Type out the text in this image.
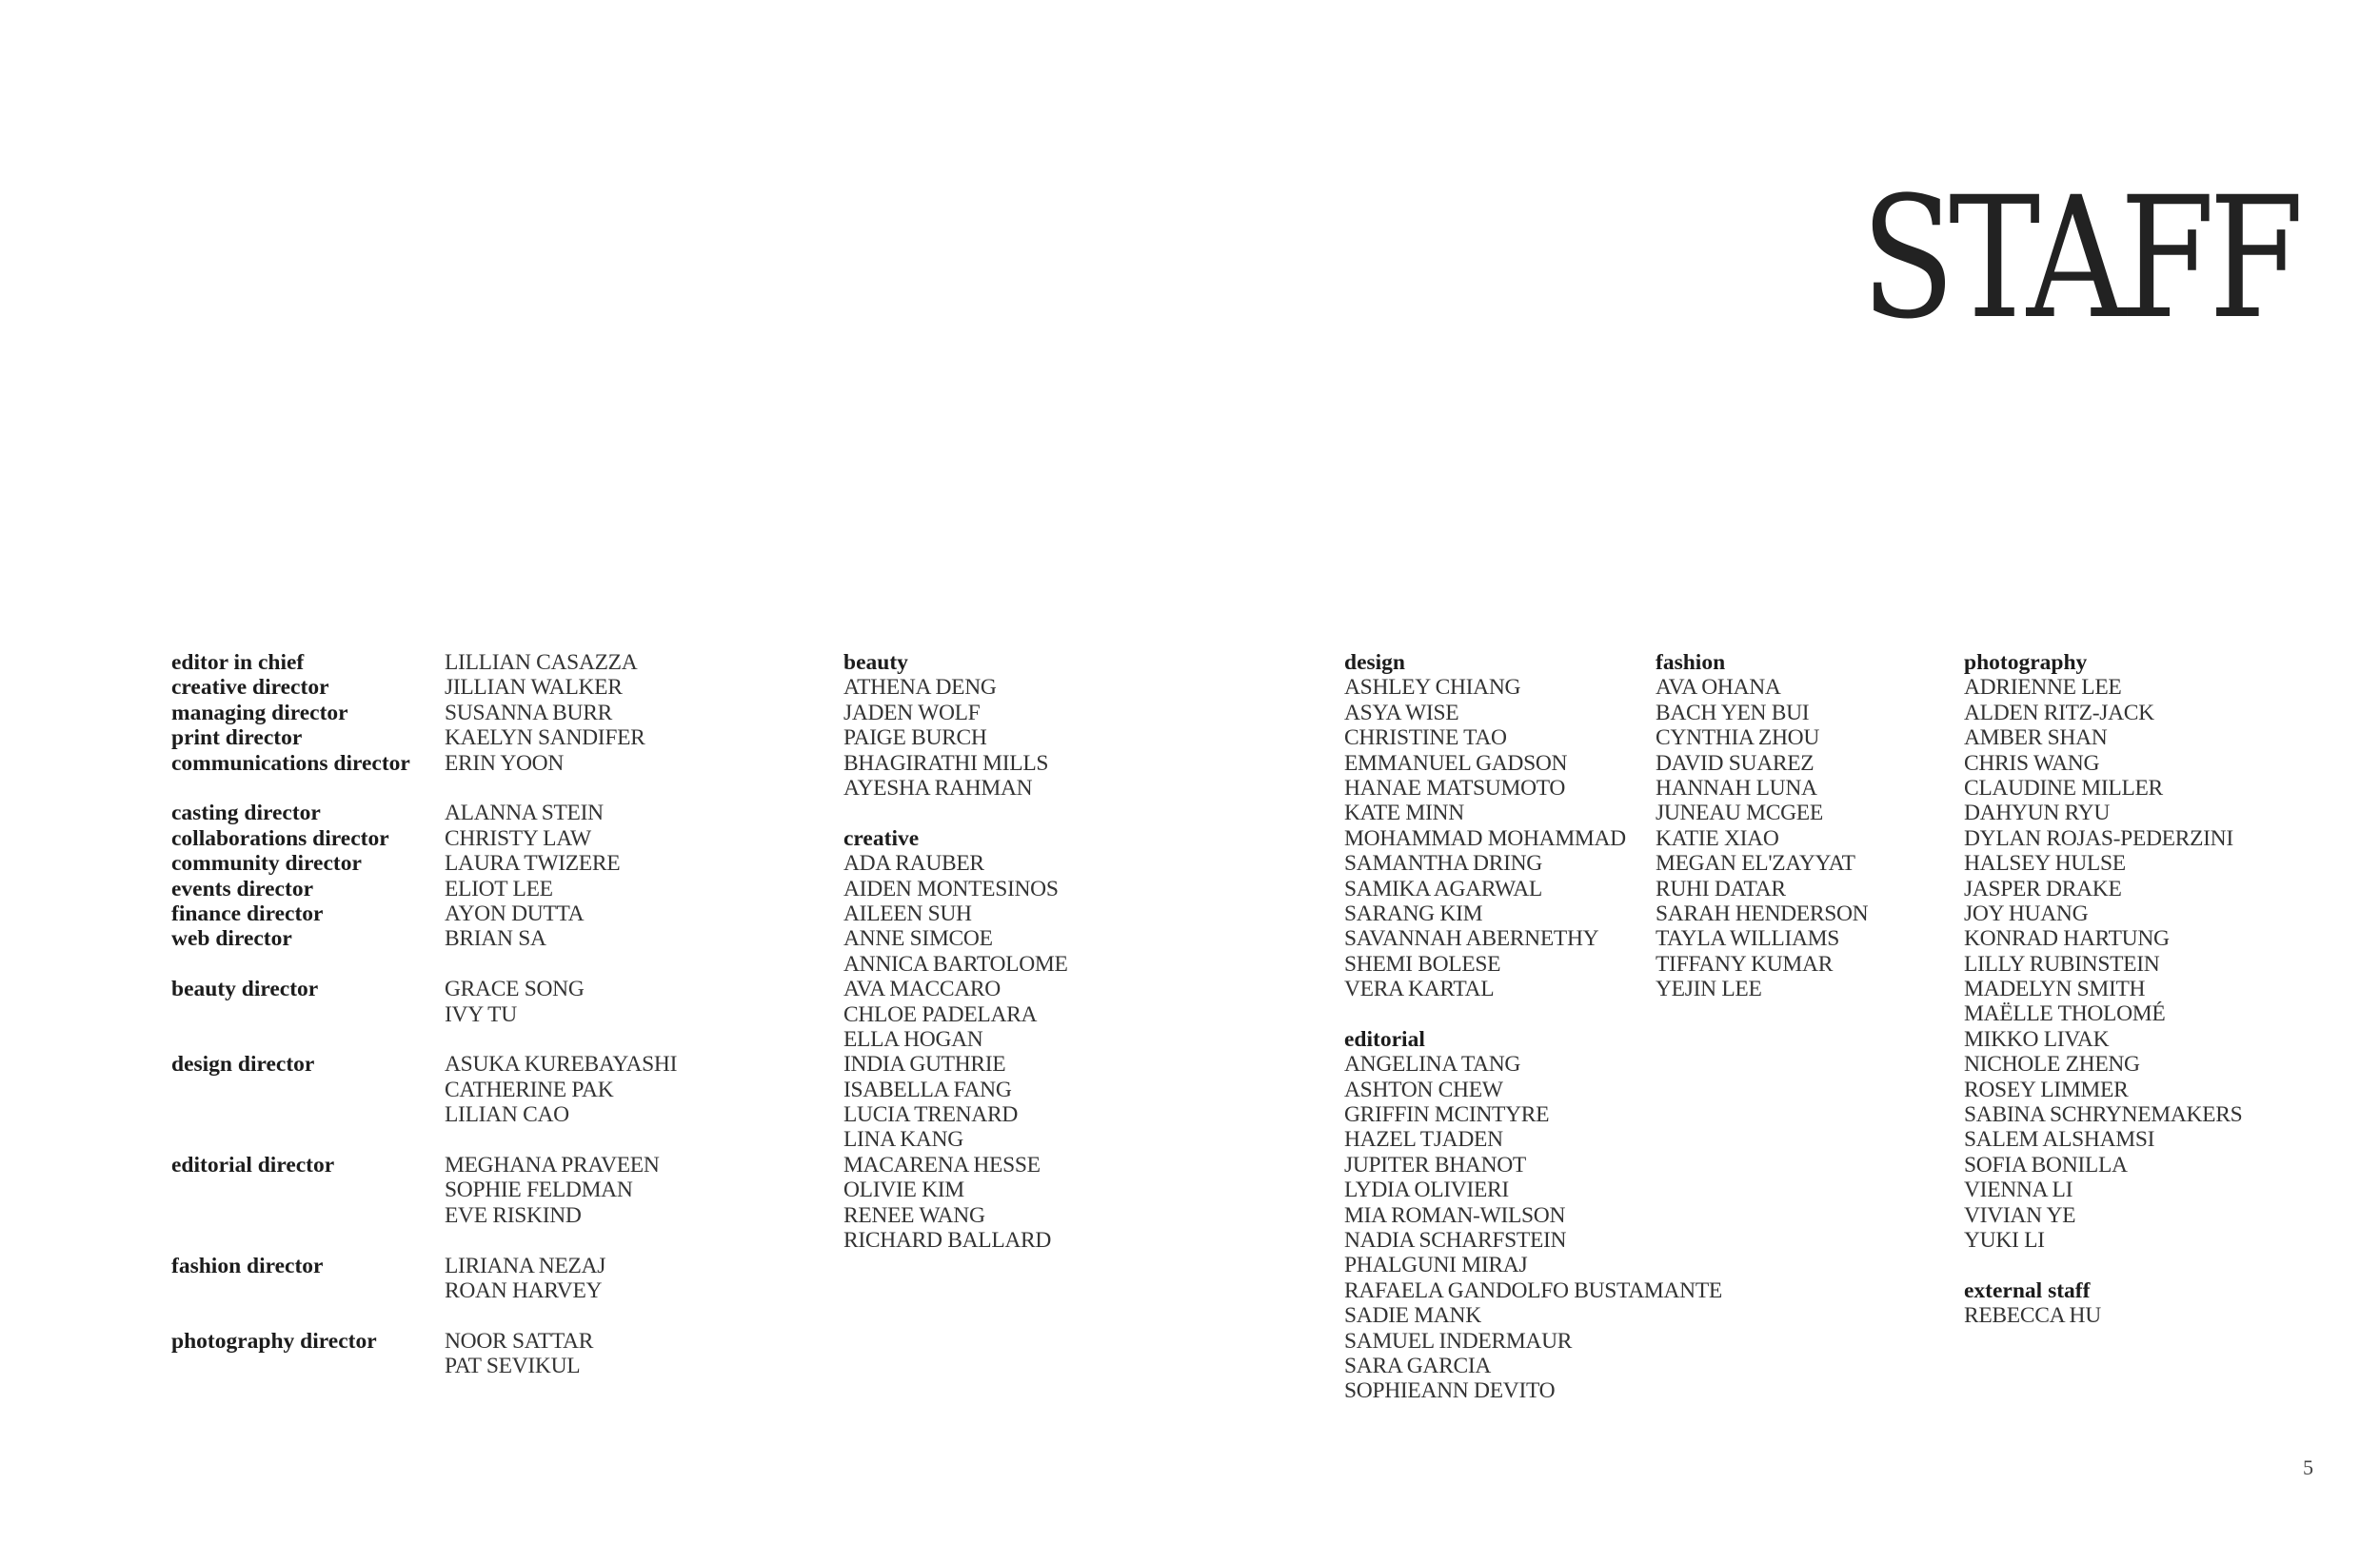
STAFF
editor in chief	LILLIAN CASAZZA
creative director	JILLIAN WALKER
managing director	SUSANNA BURR
print director	KAELYN SANDIFER
communications director	ERIN YOON
casting director	ALANNA STEIN
collaborations director	CHRISTY LAW
community director	LAURA TWIZERE
events director	ELIOT LEE
finance director	AYON DUTTA
web director	BRIAN SA
beauty director	GRACE SONG
IVY TU
design director	ASUKA KUREBAYASHI
CATHERINE PAK
LILIAN CAO
editorial director	MEGHANA PRAVEEN
SOPHIE FELDMAN
EVE RISKIND
fashion director	LIRIANA NEZAJ
ROAN HARVEY
photography director	NOOR SATTAR
PAT SEVIKUL
beauty
ATHENA DENG
JADEN WOLF
PAIGE BURCH
BHAGIRATHI MILLS
AYESHA RAHMAN
creative
ADA RAUBER
AIDEN MONTESINOS
AILEEN SUH
ANNE SIMCOE
ANNICA BARTOLOME
AVA MACCARO
CHLOE PADELARA
ELLA HOGAN
INDIA GUTHRIE
ISABELLA FANG
LUCIA TRENARD
LINA KANG
MACARENA HESSE
OLIVIE KIM
RENEE WANG
RICHARD BALLARD
design
ASHLEY CHIANG
ASYA WISE
CHRISTINE TAO
EMMANUEL GADSON
HANAE MATSUMOTO
KATE MINN
MOHAMMAD MOHAMMAD
SAMANTHA DRING
SAMIKA AGARWAL
SARANG KIM
SAVANNAH ABERNETHY
SHEMI BOLESE
VERA KARTAL
editorial
ANGELINA TANG
ASHTON CHEW
GRIFFIN MCINTYRE
HAZEL TJADEN
JUPITER BHANOT
LYDIA OLIVIERI
MIA ROMAN-WILSON
NADIA SCHARFSTEIN
PHALGUNI MIRAJ
RAFAELA GANDOLFO BUSTAMANTE
SADIE MANK
SAMUEL INDERMAUR
SARA GARCIA
SOPHIEANN DEVITO
fashion
AVA OHANA
BACH YEN BUI
CYNTHIA ZHOU
DAVID SUAREZ
HANNAH LUNA
JUNEAU MCGEE
KATIE XIAO
MEGAN EL'ZAYYAT
RUHI DATAR
SARAH HENDERSON
TAYLA WILLIAMS
TIFFANY KUMAR
YEJIN LEE
photography
ADRIENNE LEE
ALDEN RITZ-JACK
AMBER SHAN
CHRIS WANG
CLAUDINE MILLER
DAHYUN RYU
DYLAN ROJAS-PEDERZINI
HALSEY HULSE
JASPER DRAKE
JOY HUANG
KONRAD HARTUNG
LILLY RUBINSTEIN
MADELYN SMITH
MAËLLE THOLOMÉ
MIKKO LIVAK
NICHOLE ZHENG
ROSEY LIMMER
SABINA SCHRYNEMAKERS
SALEM ALSHAMSI
SOFIA BONILLA
VIENNA LI
VIVIAN YE
YUKI LI
external staff
REBECCA HU
5
